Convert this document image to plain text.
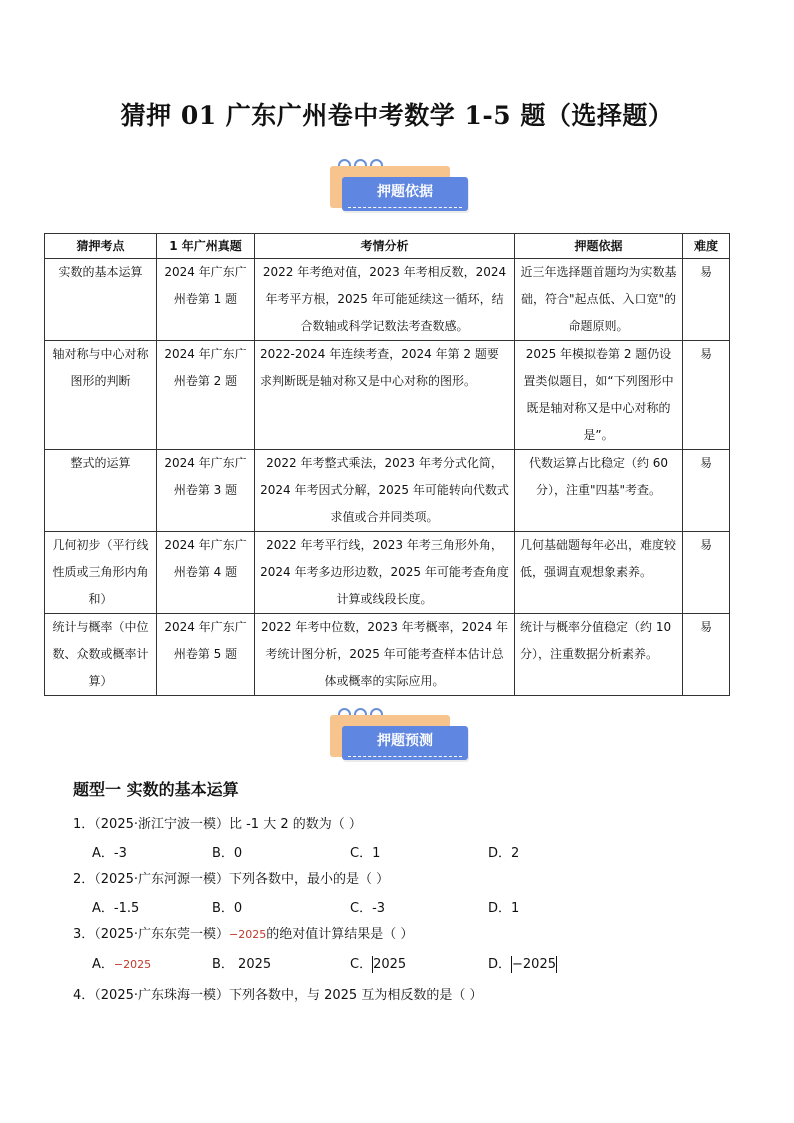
猜押 01 广东广州卷中考数学 1-5 题（选择题）
押题依据
猜押考点	1 年广州真题	考情分析	押题依据	难度
实数的基本运算	2024 年广东广州卷第 1 题	2022 年考绝对值，2023 年考相反数，2024 年考平方根，2025 年可能延续这一循环，结合数轴或科学记数法考查数感。	近三年选择题首题均为实数基础，符合"起点低、入口宽"的命题原则。	易
轴对称与中心对称图形的判断	2024 年广东广州卷第 2 题	2022-2024 年连续考查，2024 年第 2 题要求判断既是轴对称又是中心对称的图形。	2025 年模拟卷第 2 题仍设置类似题目，如“下列图形中既是轴对称又是中心对称的是”。	易
整式的运算	2024 年广东广州卷第 3 题	2022 年考整式乘法，2023 年考分式化简，2024 年考因式分解，2025 年可能转向代数式求值或合并同类项。	代数运算占比稳定（约 60 分），注重"四基"考查。	易
几何初步（平行线性质或三角形内角和）	2024 年广东广州卷第 4 题	2022 年考平行线，2023 年考三角形外角，2024 年考多边形边数，2025 年可能考查角度计算或线段长度。	几何基础题每年必出，难度较低，强调直观想象素养。	易
统计与概率（中位数、众数或概率计算）	2024 年广东广州卷第 5 题	2022 年考中位数，2023 年考概率，2024 年考统计图分析，2025 年可能考查样本估计总体或概率的实际应用。	统计与概率分值稳定（约 10 分），注重数据分析素养。	易
押题预测
题型一 实数的基本运算
1．（2025·浙江宁波一模）比 -1 大 2 的数为（ ）
A．-3	B．0	C．1	D．2
2．（2025·广东河源一模）下列各数中，最小的是（ ）
A．-1.5	B．0	C．-3	D．1
3．（2025·广东东莞一模）−2025的绝对值计算结果是（ ）
A．−2025	B． 2025	C．2025	D．−2025
4．（2025·广东珠海一模）下列各数中，与 2025 互为相反数的是（ ）
